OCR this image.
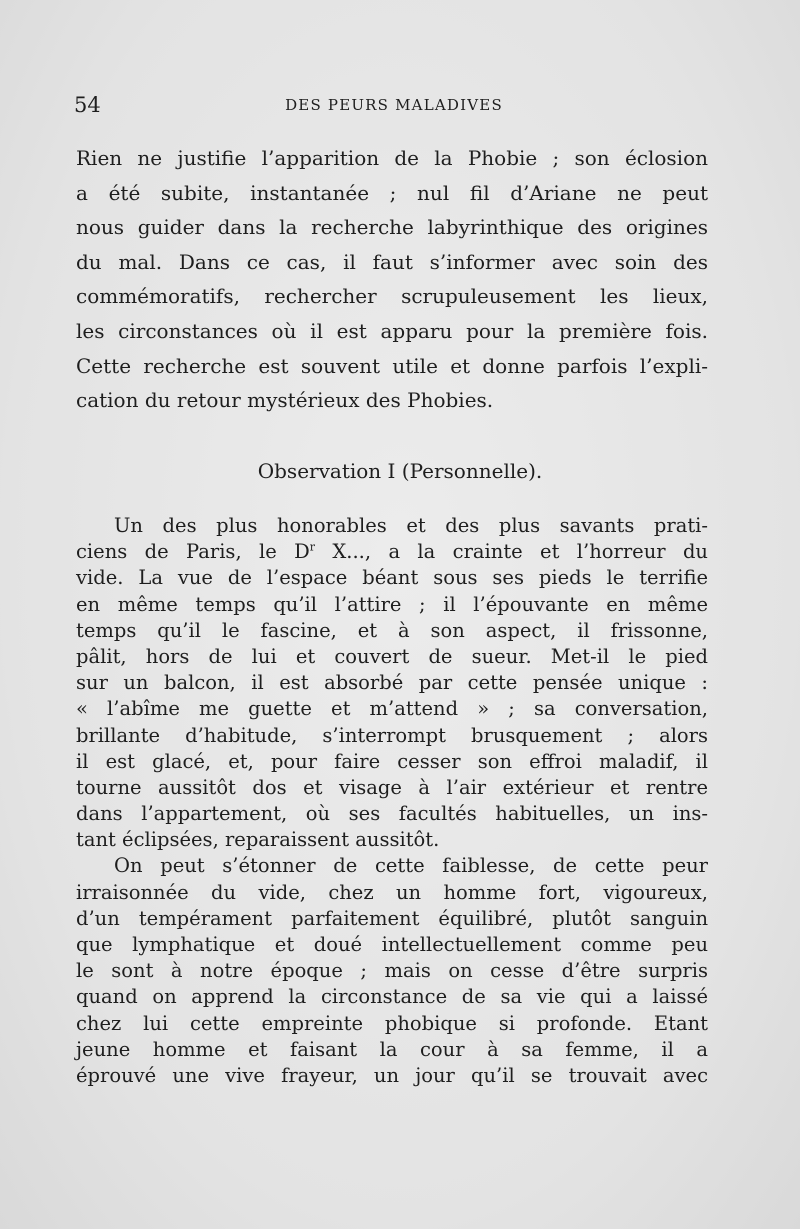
54	DES PEURS MALADIVES
Rien ne justifie l’apparition de la Phobie ; son éclosion
a été subite, instantanée ; nul fil d’Ariane ne peut
nous guider dans la recherche labyrinthique des origines
du mal. Dans ce cas, il faut s’informer avec soin des
commémoratifs, rechercher scrupuleusement les lieux,
les circonstances où il est apparu pour la première fois.
Cette recherche est souvent utile et donne parfois l’expli-
cation du retour mystérieux des Phobies.
Observation I (Personnelle).
Un des plus honorables et des plus savants prati-
ciens de Paris, le $D^r$ X..., a la crainte et l’horreur du
vide. La vue de l’espace béant sous ses pieds le terrifie
en même temps qu’il l’attire ; il l’épouvante en même
temps qu’il le fascine, et à son aspect, il frissonne,
pâlit, hors de lui et couvert de sueur. Met-il le pied
sur un balcon, il est absorbé par cette pensée unique :
« l’abîme me guette et m’attend » ; sa conversation,
brillante d’habitude, s’interrompt brusquement ; alors
il est glacé, et, pour faire cesser son effroi maladif, il
tourne aussitôt dos et visage à l’air extérieur et rentre
dans l’appartement, où ses facultés habituelles, un ins-
tant éclipsées, reparaissent aussitôt.
On peut s’étonner de cette faiblesse, de cette peur
irraisonnée du vide, chez un homme fort, vigoureux,
d’un tempérament parfaitement équilibré, plutôt sanguin
que lymphatique et doué intellectuellement comme peu
le sont à notre époque ; mais on cesse d’être surpris
quand on apprend la circonstance de sa vie qui a laissé
chez lui cette empreinte phobique si profonde. Etant
jeune homme et faisant la cour à sa femme, il a
éprouvé une vive frayeur, un jour qu’il se trouvait avec
